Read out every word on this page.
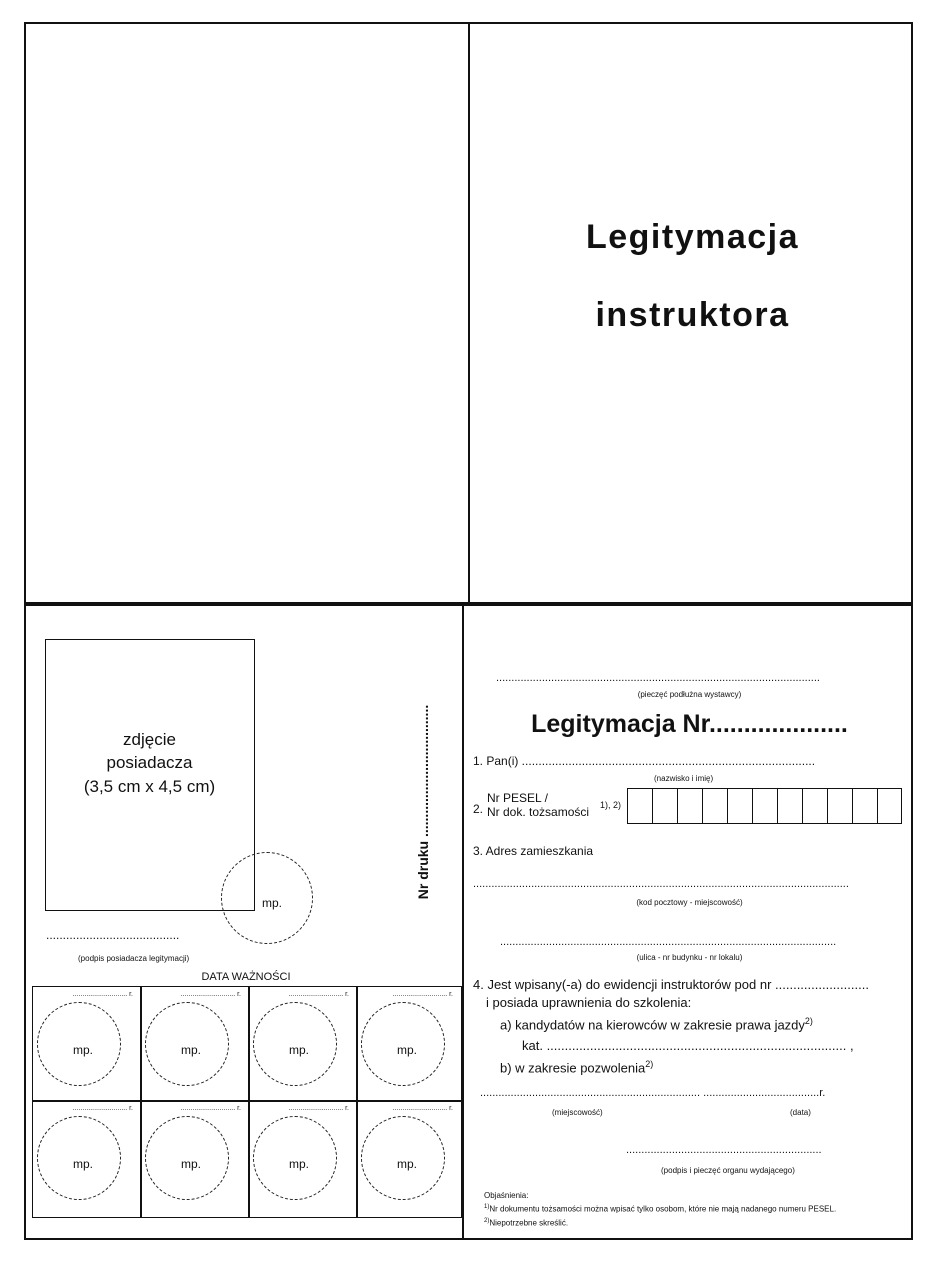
Legitymacja
instruktora
zdjęcie
posiadacza
(3,5 cm x 4,5 cm)
mp.
Nr druku ..................................
........................................
(podpis posiadacza legitymacji)
DATA WAŻNOŚCI
............................ r.
mp.
............................ r.
mp.
............................ r.
mp.
............................ r.
mp.
............................ r.
mp.
............................ r.
mp.
............................ r.
mp.
............................ r.
mp.
..........................................................................................................
(pieczęć podłużna wystawcy)
Legitymacja Nr....................
1. Pan(i) ........................................................................................
(nazwisko i imię)
2.
Nr PESEL /
Nr dok. tożsamości 1), 2)
3. Adres zamieszkania
...........................................................................................................................
(kod pocztowy - miejscowość)
..............................................................................................................
(ulica - nr budynku - nr lokalu)
4. Jest wpisany(-a) do ewidencji instruktorów pod nr ..........................
i posiada uprawnienia do szkolenia:
a) kandydatów na kierowców w zakresie prawa jazdy$^{2)}$
kat. ................................................................................... ,
b) w zakresie pozwolenia$^{2)}$
........................................................................ ......................................r.
(miejscowość)	(data)
................................................................
(podpis i pieczęć organu wydającego)
Objaśnienia:
$^{1)}$Nr dokumentu tożsamości można wpisać tylko osobom, które nie mają nadanego numeru PESEL.
$^{2)}$Niepotrzebne skreślić.
